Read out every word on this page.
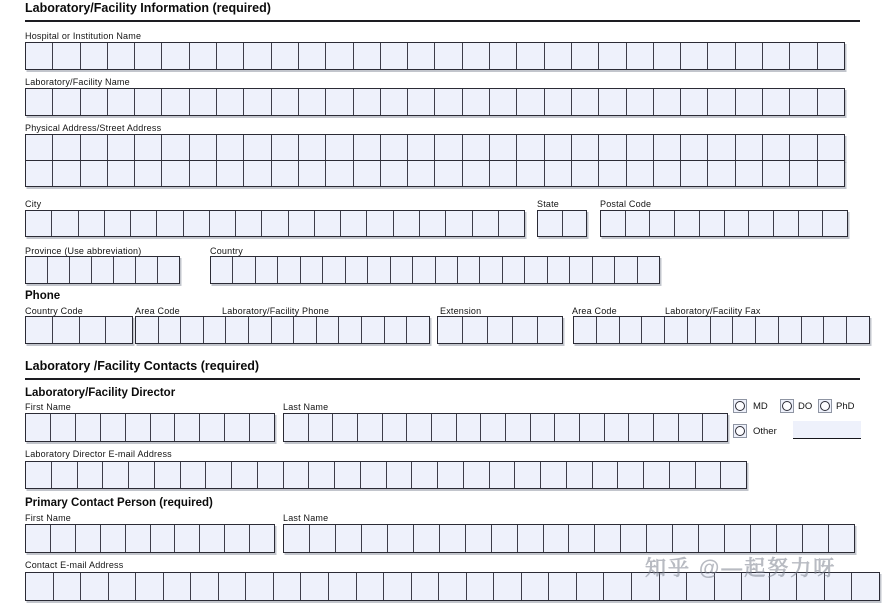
Laboratory/Facility Information (required)
Hospital or Institution Name
Laboratory/Facility Name
Physical Address/Street Address
City	State	Postal Code
Province (Use abbreviation)	Country
Phone
Country Code	Area Code	Laboratory/Facility Phone	Extension	Area Code	Laboratory/Facility Fax
Laboratory /Facility Contacts (required)
Laboratory/Facility Director
First Name	Last Name	MD	DO	PhD
Other
Laboratory Director E-mail Address
Primary Contact Person (required)
First Name	Last Name
Contact E-mail Address	知乎 @—起努力呀
